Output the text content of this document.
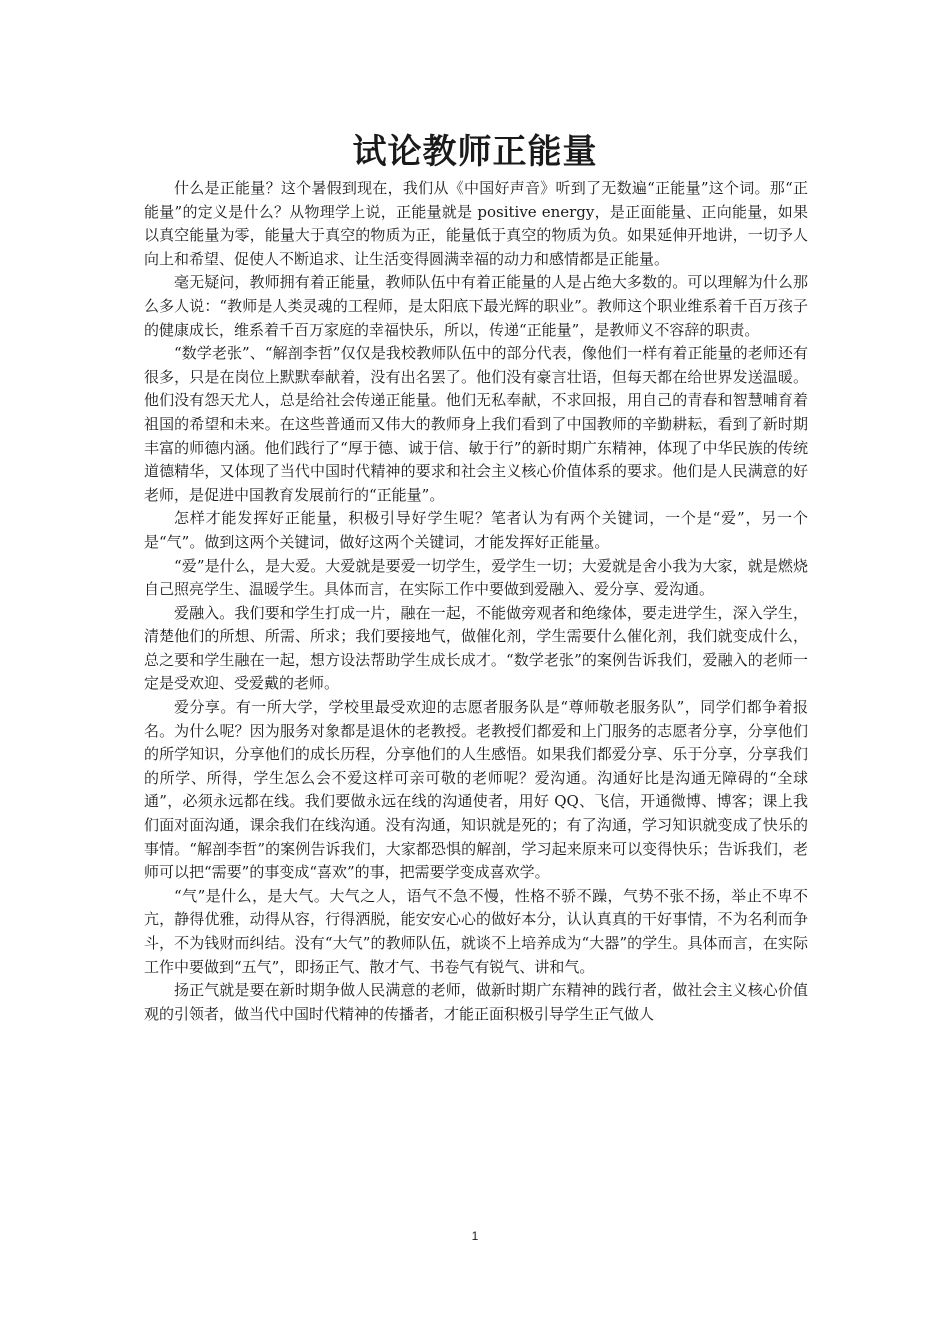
试论教师正能量

什么是正能量？这个暑假到现在，我们从《中国好声音》听到了无数遍“正能量”这个词。那“正能量”的定义是什么？从物理学上说，正能量就是 positive energy，是正面能量、正向能量，如果以真空能量为零，能量大于真空的物质为正，能量低于真空的物质为负。如果延伸开地讲，一切予人向上和希望、促使人不断追求、让生活变得圆满幸福的动力和感情都是正能量。

毫无疑问，教师拥有着正能量，教师队伍中有着正能量的人是占绝大多数的。可以理解为什么那么多人说：“教师是人类灵魂的工程师，是太阳底下最光辉的职业”。教师这个职业维系着千百万孩子的健康成长，维系着千百万家庭的幸福快乐，所以，传递“正能量”，是教师义不容辞的职责。

“数学老张”、“解剖李哲”仅仅是我校教师队伍中的部分代表，像他们一样有着正能量的老师还有很多，只是在岗位上默默奉献着，没有出名罢了。他们没有豪言壮语，但每天都在给世界发送温暖。他们没有怨天尤人，总是给社会传递正能量。他们无私奉献，不求回报，用自己的青春和智慧哺育着祖国的希望和未来。在这些普通而又伟大的教师身上我们看到了中国教师的辛勤耕耘，看到了新时期丰富的师德内涵。他们践行了“厚于德、诚于信、敏于行”的新时期广东精神，体现了中华民族的传统道德精华，又体现了当代中国时代精神的要求和社会主义核心价值体系的要求。他们是人民满意的好老师，是促进中国教育发展前行的“正能量”。

怎样才能发挥好正能量，积极引导好学生呢？笔者认为有两个关键词，一个是“爱”，另一个是“气”。做到这两个关键词，做好这两个关键词，才能发挥好正能量。

“爱”是什么，是大爱。大爱就是要爱一切学生，爱学生一切；大爱就是舍小我为大家，就是燃烧自己照亮学生、温暖学生。具体而言，在实际工作中要做到爱融入、爱分享、爱沟通。

爱融入。我们要和学生打成一片，融在一起，不能做旁观者和绝缘体，要走进学生，深入学生，清楚他们的所想、所需、所求；我们要接地气，做催化剂，学生需要什么催化剂，我们就变成什么，总之要和学生融在一起，想方设法帮助学生成长成才。“数学老张”的案例告诉我们，爱融入的老师一定是受欢迎、受爱戴的老师。

爱分享。有一所大学，学校里最受欢迎的志愿者服务队是“尊师敬老服务队”，同学们都争着报名。为什么呢？因为服务对象都是退休的老教授。老教授们都爱和上门服务的志愿者分享，分享他们的所学知识，分享他们的成长历程，分享他们的人生感悟。如果我们都爱分享、乐于分享，分享我们的所学、所得，学生怎么会不爱这样可亲可敬的老师呢？爱沟通。沟通好比是沟通无障碍的“全球通”，必须永远都在线。我们要做永远在线的沟通使者，用好 QQ、飞信，开通微博、博客；课上我们面对面沟通，课余我们在线沟通。没有沟通，知识就是死的；有了沟通，学习知识就变成了快乐的事情。“解剖李哲”的案例告诉我们，大家都恐惧的解剖，学习起来原来可以变得快乐；告诉我们，老师可以把“需要”的事变成“喜欢”的事，把需要学变成喜欢学。

“气”是什么，是大气。大气之人，语气不急不慢，性格不骄不躁，气势不张不扬，举止不卑不亢，静得优雅，动得从容，行得洒脱，能安安心心的做好本分，认认真真的干好事情，不为名利而争斗，不为钱财而纠结。没有“大气”的教师队伍，就谈不上培养成为“大器”的学生。具体而言，在实际工作中要做到“五气”，即扬正气、散才气、书卷气有锐气、讲和气。

扬正气就是要在新时期争做人民满意的老师，做新时期广东精神的践行者，做社会主义核心价值观的引领者，做当代中国时代精神的传播者，才能正面积极引导学生正气做人

1
